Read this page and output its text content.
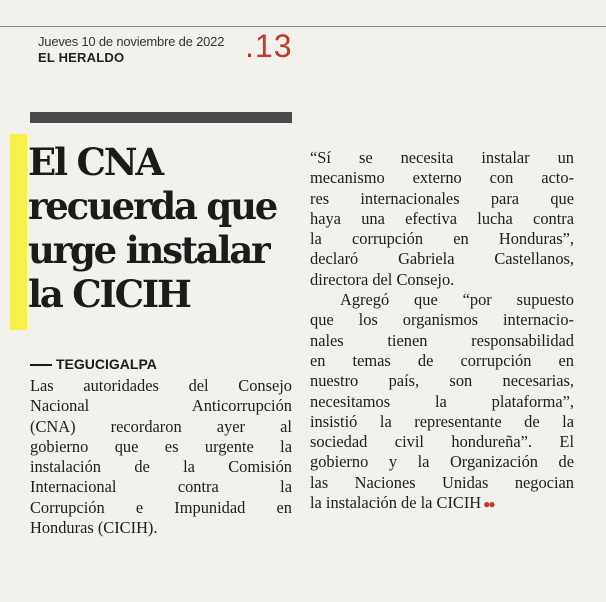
Jueves 10 de noviembre de 2022
EL HERALDO	.13
El CNA
recuerda que
urge instalar
la CICIH
TEGUCIGALPA
Las autoridades del Consejo
Nacional Anticorrupción
(CNA) recordaron ayer al
gobierno que es urgente la
instalación de la Comisión
Internacional contra la
Corrupción e Impunidad en
Honduras (CICIH).
“Sí se necesita instalar un
mecanismo externo con acto-
res internacionales para que
haya una efectiva lucha contra
la corrupción en Honduras”,
declaró Gabriela Castellanos,
directora del Consejo.
Agregó que “por supuesto
que los organismos internacio-
nales tienen responsabilidad
en temas de corrupción en
nuestro país, son necesarias,
necesitamos la plataforma”,
insistió la representante de la
sociedad civil hondureña”. El
gobierno y la Organización de
las Naciones Unidas negocian
la instalación de la CICIH ●●
